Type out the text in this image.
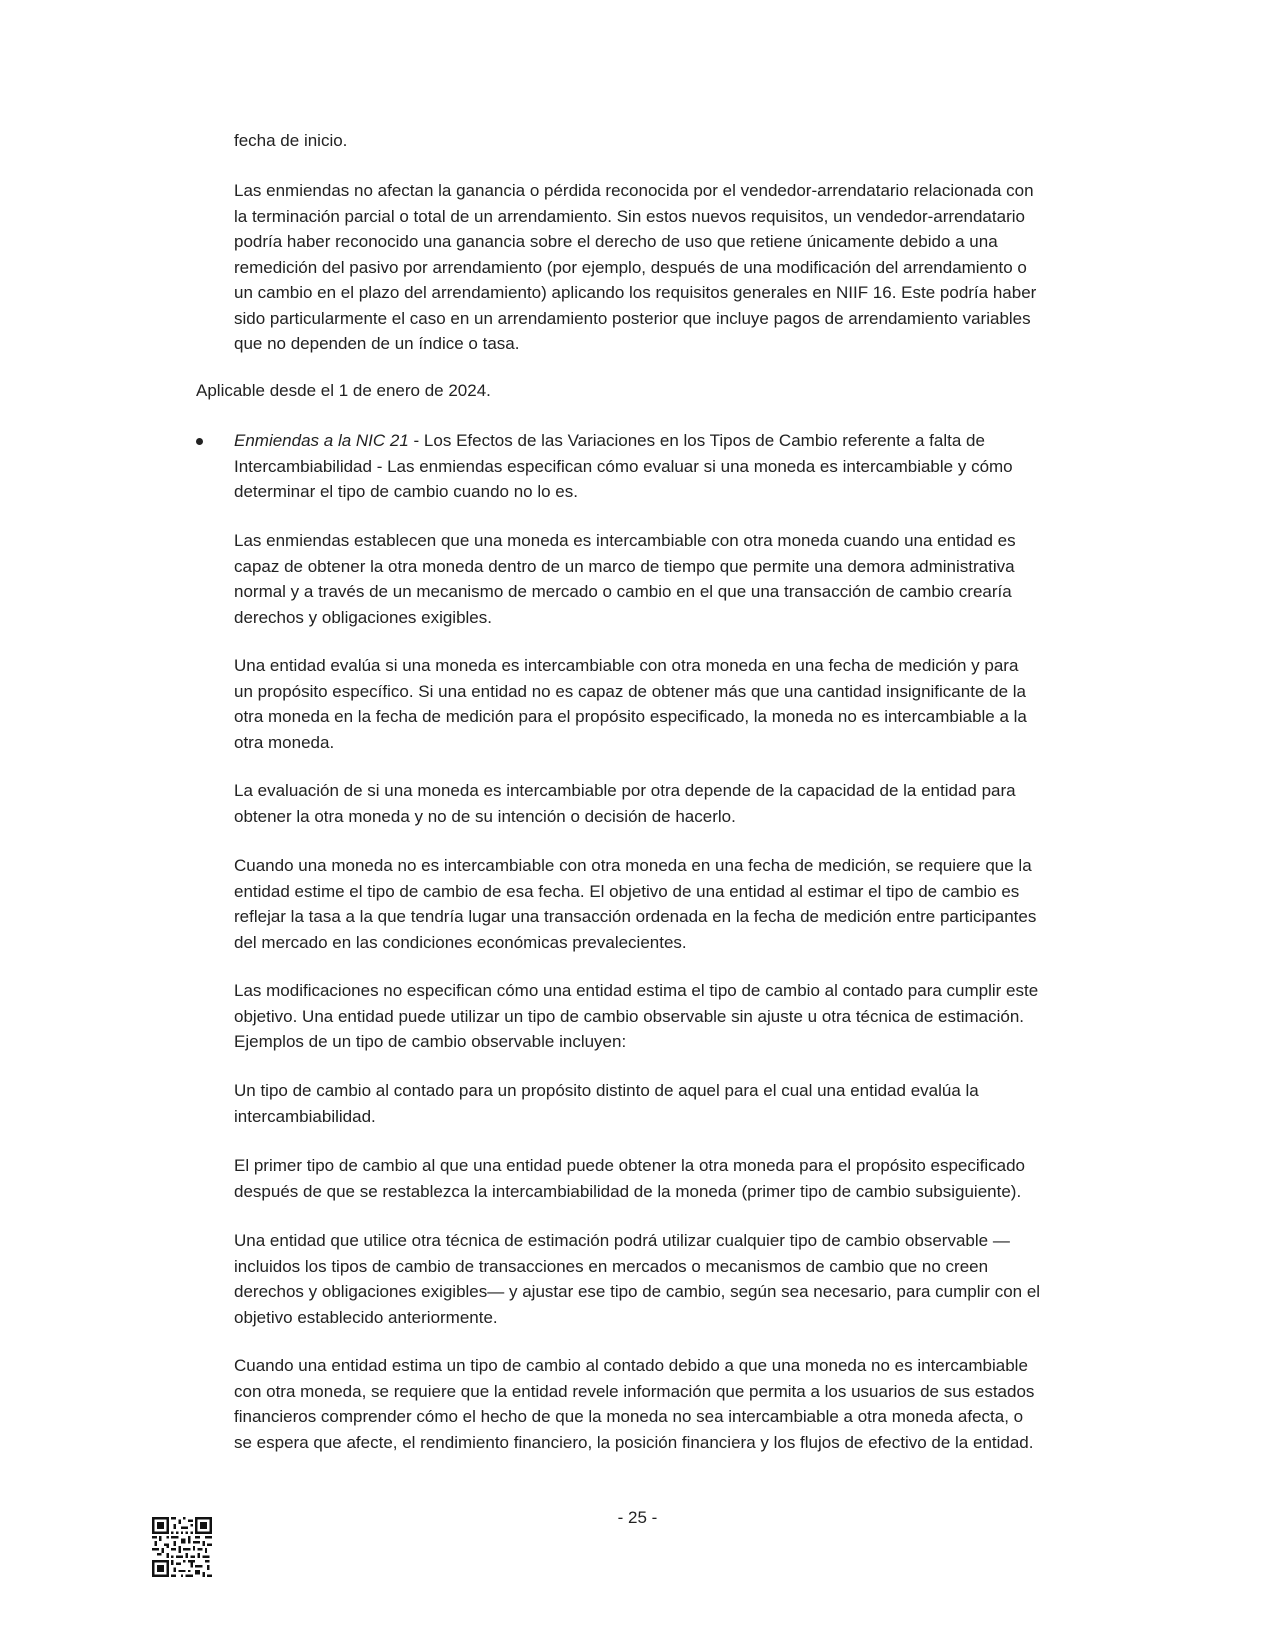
fecha de inicio.
Las enmiendas no afectan la ganancia o pérdida reconocida por el vendedor-arrendatario relacionada con
la terminación parcial o total de un arrendamiento. Sin estos nuevos requisitos, un vendedor-arrendatario
podría haber reconocido una ganancia sobre el derecho de uso que retiene únicamente debido a una
remedición del pasivo por arrendamiento (por ejemplo, después de una modificación del arrendamiento o
un cambio en el plazo del arrendamiento) aplicando los requisitos generales en NIIF 16. Este podría haber
sido particularmente el caso en un arrendamiento posterior que incluye pagos de arrendamiento variables
que no dependen de un índice o tasa.
Aplicable desde el 1 de enero de 2024.
Enmiendas a la NIC 21 - Los Efectos de las Variaciones en los Tipos de Cambio referente a falta de
Intercambiabilidad - Las enmiendas especifican cómo evaluar si una moneda es intercambiable y cómo
determinar el tipo de cambio cuando no lo es.
Las enmiendas establecen que una moneda es intercambiable con otra moneda cuando una entidad es
capaz de obtener la otra moneda dentro de un marco de tiempo que permite una demora administrativa
normal y a través de un mecanismo de mercado o cambio en el que una transacción de cambio crearía
derechos y obligaciones exigibles.
Una entidad evalúa si una moneda es intercambiable con otra moneda en una fecha de medición y para
un propósito específico. Si una entidad no es capaz de obtener más que una cantidad insignificante de la
otra moneda en la fecha de medición para el propósito especificado, la moneda no es intercambiable a la
otra moneda.
La evaluación de si una moneda es intercambiable por otra depende de la capacidad de la entidad para
obtener la otra moneda y no de su intención o decisión de hacerlo.
Cuando una moneda no es intercambiable con otra moneda en una fecha de medición, se requiere que la
entidad estime el tipo de cambio de esa fecha. El objetivo de una entidad al estimar el tipo de cambio es
reflejar la tasa a la que tendría lugar una transacción ordenada en la fecha de medición entre participantes
del mercado en las condiciones económicas prevalecientes.
Las modificaciones no especifican cómo una entidad estima el tipo de cambio al contado para cumplir este
objetivo. Una entidad puede utilizar un tipo de cambio observable sin ajuste u otra técnica de estimación.
Ejemplos de un tipo de cambio observable incluyen:
Un tipo de cambio al contado para un propósito distinto de aquel para el cual una entidad evalúa la
intercambiabilidad.
El primer tipo de cambio al que una entidad puede obtener la otra moneda para el propósito especificado
después de que se restablezca la intercambiabilidad de la moneda (primer tipo de cambio subsiguiente).
Una entidad que utilice otra técnica de estimación podrá utilizar cualquier tipo de cambio observable —
incluidos los tipos de cambio de transacciones en mercados o mecanismos de cambio que no creen
derechos y obligaciones exigibles— y ajustar ese tipo de cambio, según sea necesario, para cumplir con el
objetivo establecido anteriormente.
Cuando una entidad estima un tipo de cambio al contado debido a que una moneda no es intercambiable
con otra moneda, se requiere que la entidad revele información que permita a los usuarios de sus estados
financieros comprender cómo el hecho de que la moneda no sea intercambiable a otra moneda afecta, o
se espera que afecte, el rendimiento financiero, la posición financiera y los flujos de efectivo de la entidad.
- 25 -
